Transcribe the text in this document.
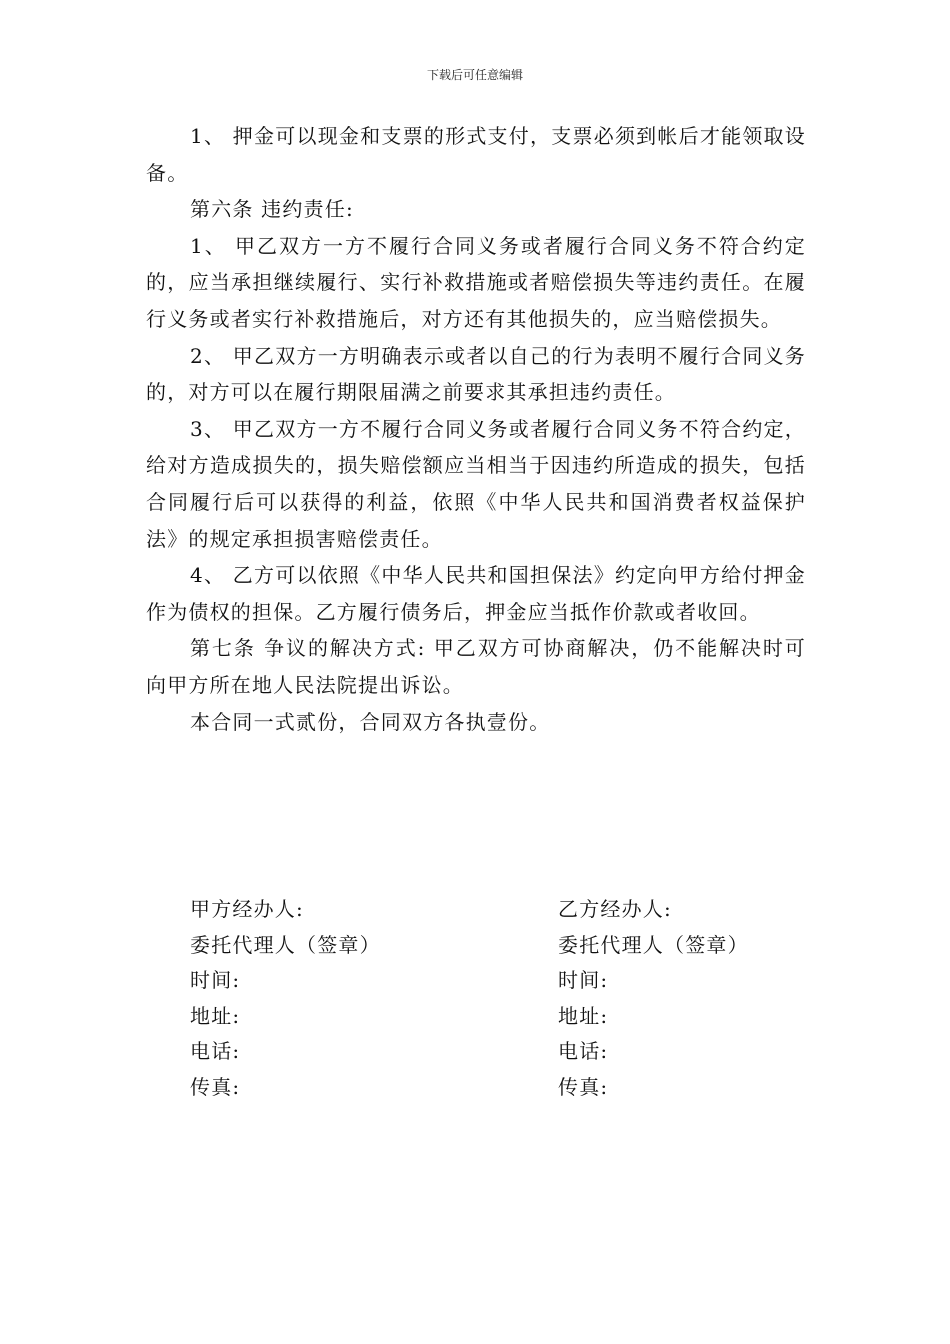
下载后可任意编辑

1、 押金可以现金和支票的形式支付，支票必须到帐后才能领取设备。

第六条 违约责任:

1、 甲乙双方一方不履行合同义务或者履行合同义务不符合约定的，应当承担继续履行、实行补救措施或者赔偿损失等违约责任。在履行义务或者实行补救措施后，对方还有其他损失的，应当赔偿损失。

2、 甲乙双方一方明确表示或者以自己的行为表明不履行合同义务的，对方可以在履行期限届满之前要求其承担违约责任。

3、 甲乙双方一方不履行合同义务或者履行合同义务不符合约定，给对方造成损失的，损失赔偿额应当相当于因违约所造成的损失，包括合同履行后可以获得的利益，依照《中华人民共和国消费者权益保护法》的规定承担损害赔偿责任。

4、 乙方可以依照《中华人民共和国担保法》约定向甲方给付押金作为债权的担保。乙方履行债务后，押金应当抵作价款或者收回。

第七条 争议的解决方式: 甲乙双方可协商解决，仍不能解决时可向甲方所在地人民法院提出诉讼。

本合同一式贰份，合同双方各执壹份。

甲方经办人:	乙方经办人:
委托代理人（签章）	委托代理人（签章）
时间:	时间:
地址:	地址:
电话:	电话:
传真:	传真:
